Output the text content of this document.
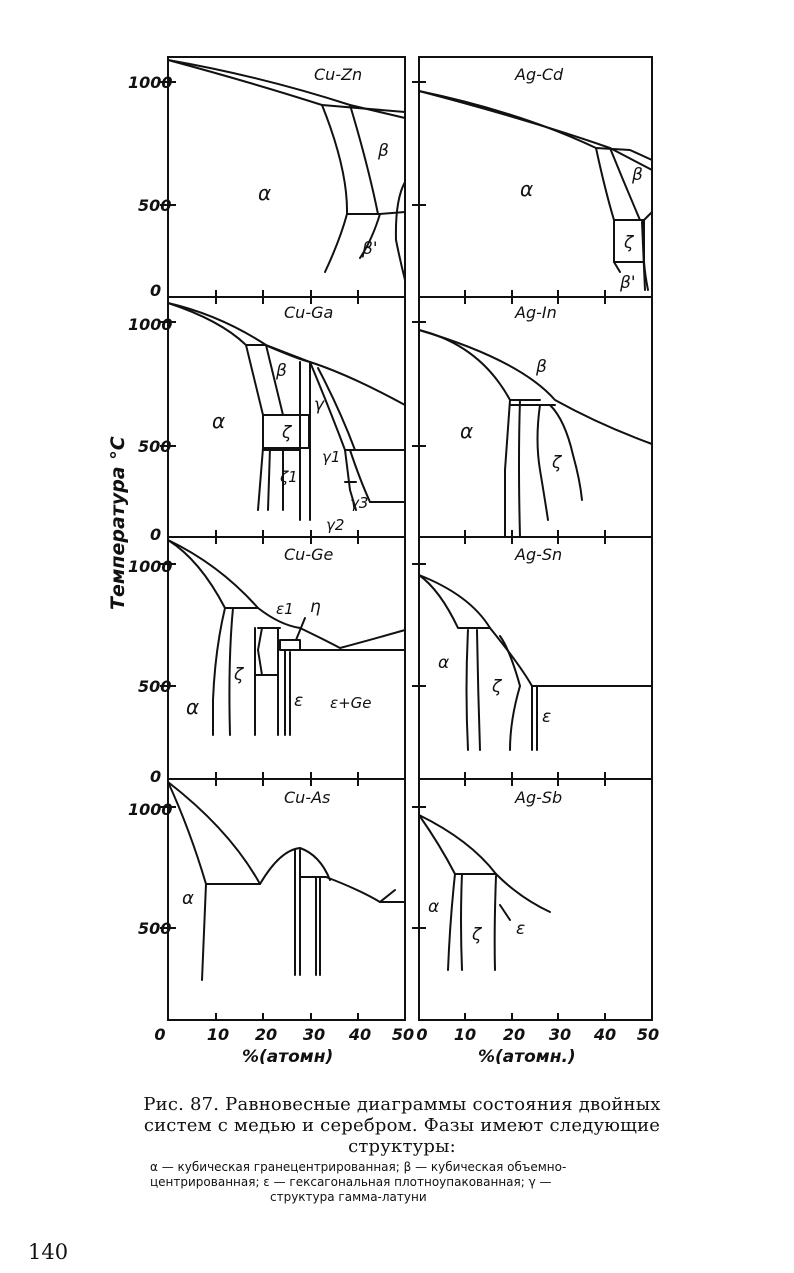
1000
500
0
1000
500
0
1000
500
0
1000
500
0	10 20 30 40 50 0 10 20 30 40 50
%(атомн)	%(атомн.)
Температура °C
Cu-Zn	Ag-Cd
Cu-Ga	Ag-In
Cu-Ge	Ag-Sn
Cu-As	Ag-Sb
α
β
β'
α
β
ζ
β'
α
β
γ
ζ
ζ1
γ1
γ2
γ3
β
α
ζ
ε1 η
ζ
α	ε ε+Ge
α
ζ
ε
α	α
ζ ε
Рис. 87. Равновесные диаграммы состояния двойных
систем с медью и серебром. Фазы имеют следующие
структуры:
α — кубическая гранецентрированная; β — кубическая объемно-
центрированная; ε — гексагональная плотноупакованная; γ —
структура гамма-латуни
140
